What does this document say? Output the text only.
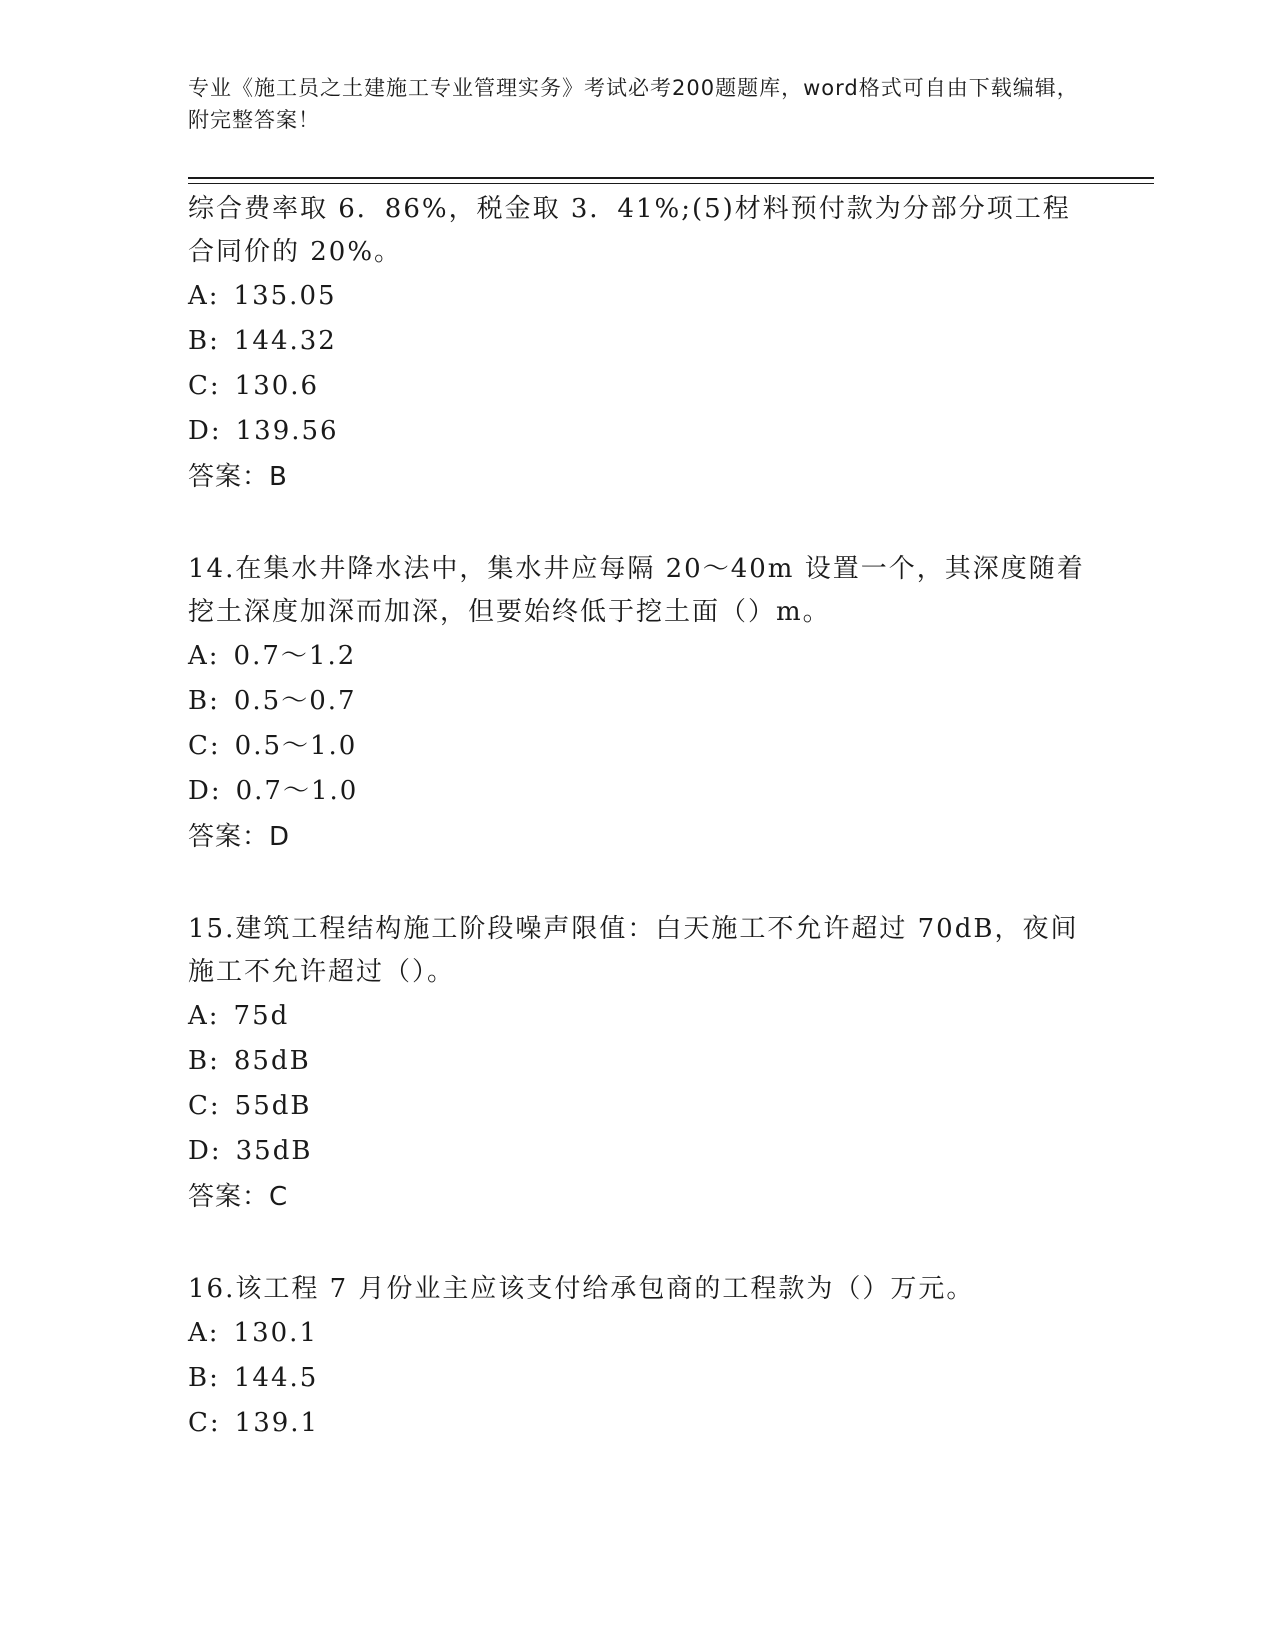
专业《施工员之土建施工专业管理实务》考试必考200题题库，word格式可自由下载编辑，附完整答案！

综合费率取 6．86%，税金取 3．41%;(5)材料预付款为分部分项工程合同价的 20%。

A: 135.05

B: 144.32

C: 130.6

D: 139.56

答案：B

14.在集水井降水法中，集水井应每隔 20～40m 设置一个，其深度随着挖土深度加深而加深，但要始终低于挖土面（）m。

A: 0.7～1.2

B: 0.5～0.7

C: 0.5～1.0

D: 0.7～1.0

答案：D

15.建筑工程结构施工阶段噪声限值：白天施工不允许超过 70dB，夜间施工不允许超过（）。

A: 75d

B: 85dB

C: 55dB

D: 35dB

答案：C

16.该工程 7 月份业主应该支付给承包商的工程款为（）万元。

A: 130.1

B: 144.5

C: 139.1
